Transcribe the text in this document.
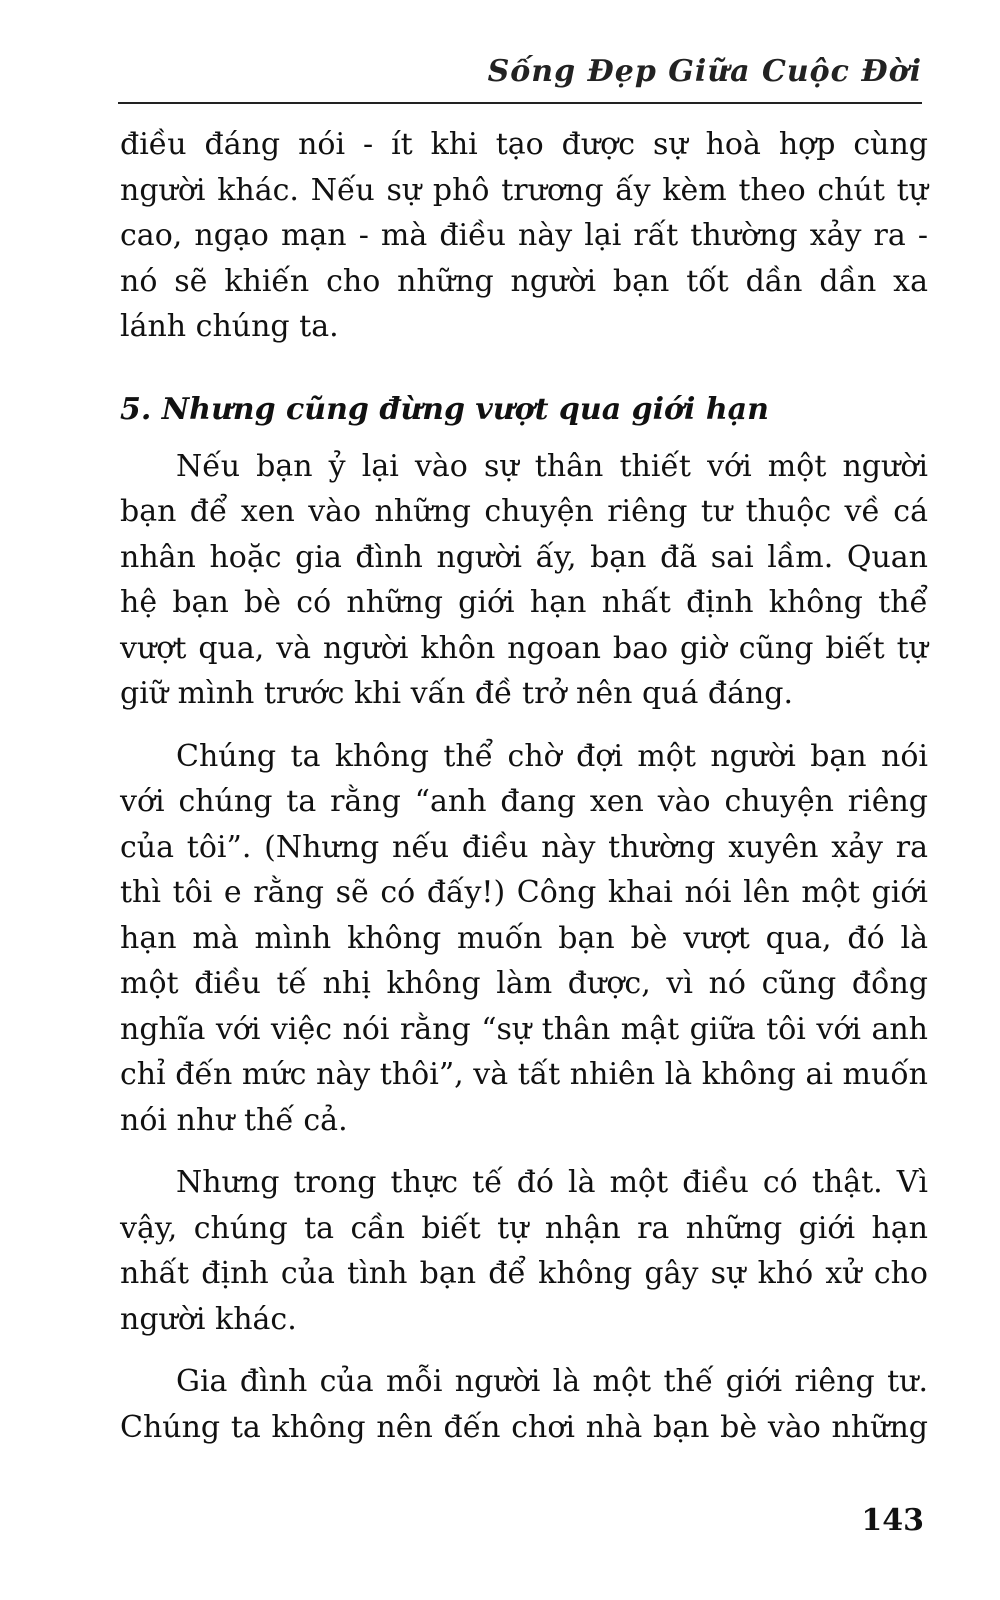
Sống Đẹp Giữa Cuộc Đời

điều đáng nói - ít khi tạo được sự hoà hợp cùng người khác. Nếu sự phô trương ấy kèm theo chút tự cao, ngạo mạn - mà điều này lại rất thường xảy ra - nó sẽ khiến cho những người bạn tốt dần dần xa lánh chúng ta.

5. Nhưng cũng đừng vượt qua giới hạn

Nếu bạn ỷ lại vào sự thân thiết với một người bạn để xen vào những chuyện riêng tư thuộc về cá nhân hoặc gia đình người ấy, bạn đã sai lầm. Quan hệ bạn bè có những giới hạn nhất định không thể vượt qua, và người khôn ngoan bao giờ cũng biết tự giữ mình trước khi vấn đề trở nên quá đáng.

Chúng ta không thể chờ đợi một người bạn nói với chúng ta rằng “anh đang xen vào chuyện riêng của tôi”. (Nhưng nếu điều này thường xuyên xảy ra thì tôi e rằng sẽ có đấy!) Công khai nói lên một giới hạn mà mình không muốn bạn bè vượt qua, đó là một điều tế nhị không làm được, vì nó cũng đồng nghĩa với việc nói rằng “sự thân mật giữa tôi với anh chỉ đến mức này thôi”, và tất nhiên là không ai muốn nói như thế cả.

Nhưng trong thực tế đó là một điều có thật. Vì vậy, chúng ta cần biết tự nhận ra những giới hạn nhất định của tình bạn để không gây sự khó xử cho người khác.

Gia đình của mỗi người là một thế giới riêng tư. Chúng ta không nên đến chơi nhà bạn bè vào những

143
